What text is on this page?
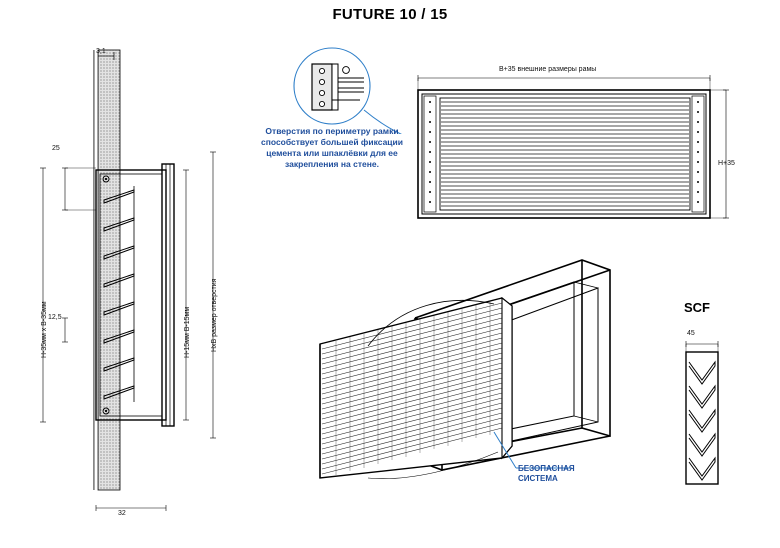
FUTURE 10 / 15
3,1
25
12,5
32
H-35мм x B-35мм	H-15мм B-15мм	HxB размер отверстия
Отверстия по периметру рамки способствует большей фиксации цемента или шпаклёвки для ее закрепления на стене.
B+35 внешние размеры рамы
H+35
БЕЗОПАСНАЯ
СИСТЕМА
SCF
45
